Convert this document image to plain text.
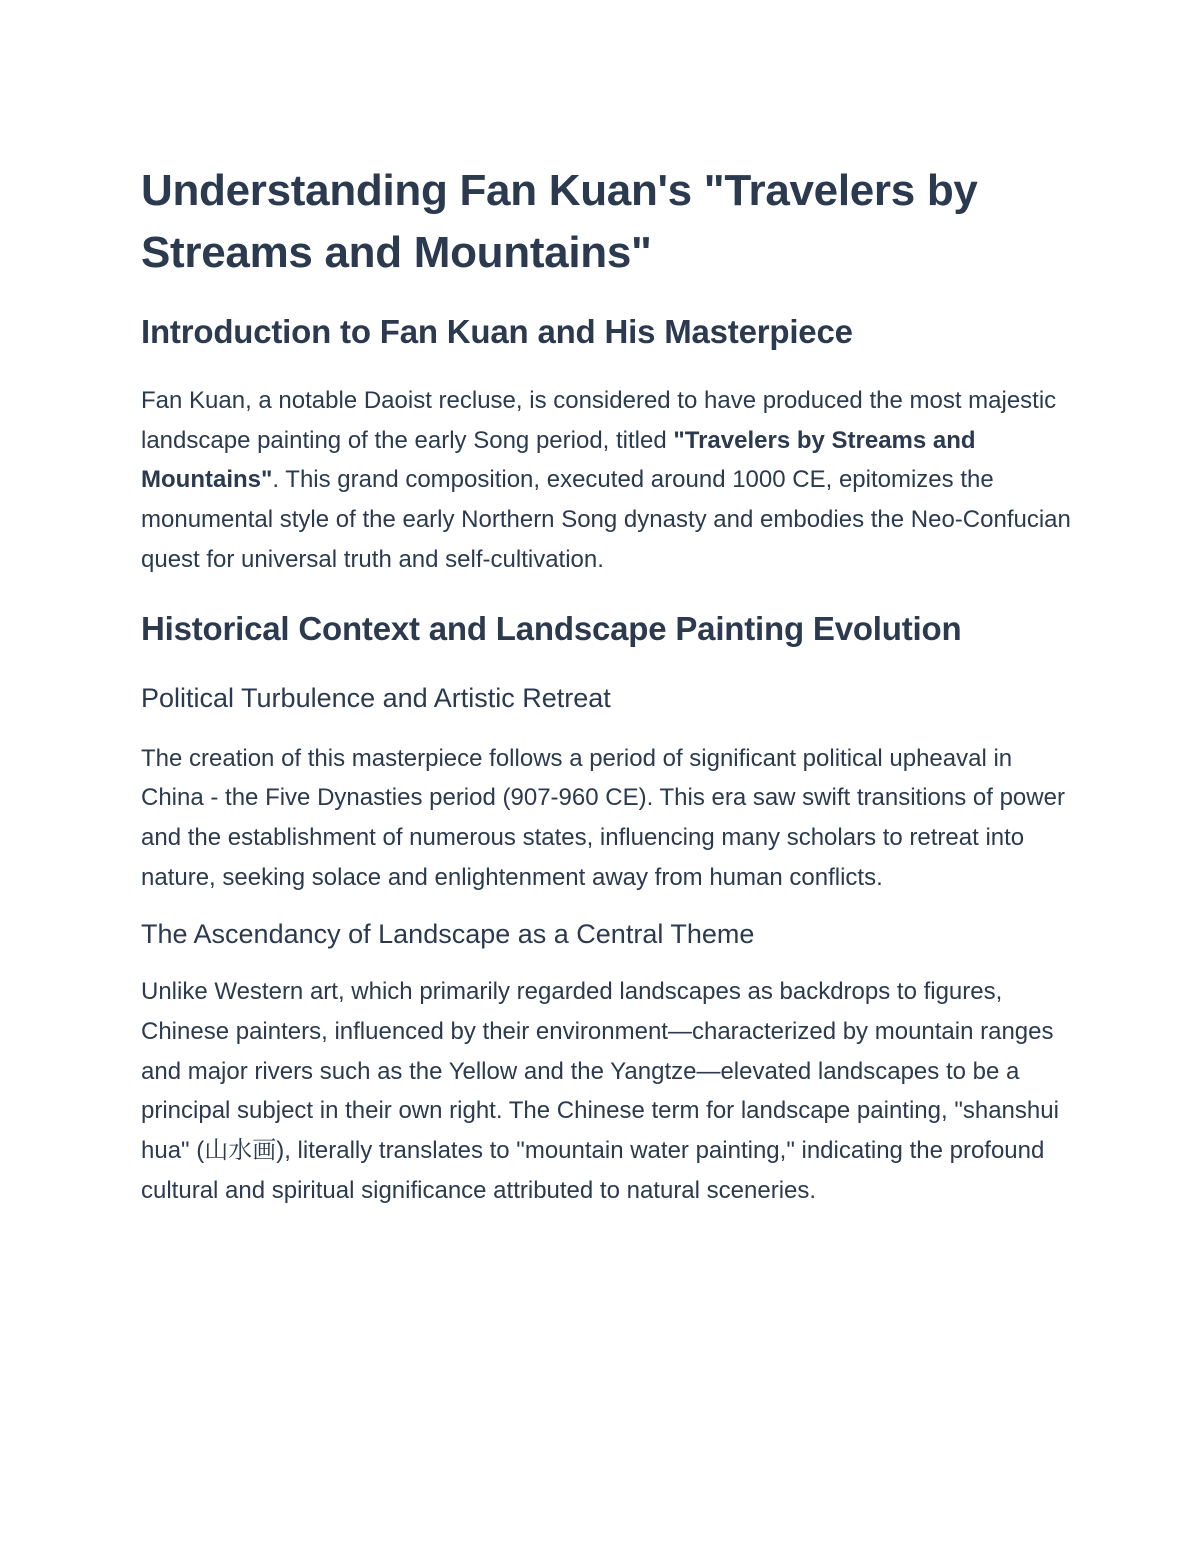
Understanding Fan Kuan's "Travelers by Streams and Mountains"
Introduction to Fan Kuan and His Masterpiece

Fan Kuan, a notable Daoist recluse, is considered to have produced the most majestic landscape painting of the early Song period, titled "Travelers by Streams and Mountains". This grand composition, executed around 1000 CE, epitomizes the monumental style of the early Northern Song dynasty and embodies the Neo-Confucian quest for universal truth and self-cultivation.

Historical Context and Landscape Painting Evolution
Political Turbulence and Artistic Retreat

The creation of this masterpiece follows a period of significant political upheaval in China - the Five Dynasties period (907-960 CE). This era saw swift transitions of power and the establishment of numerous states, influencing many scholars to retreat into nature, seeking solace and enlightenment away from human conflicts.

The Ascendancy of Landscape as a Central Theme

Unlike Western art, which primarily regarded landscapes as backdrops to figures, Chinese painters, influenced by their environment—characterized by mountain ranges and major rivers such as the Yellow and the Yangtze—elevated landscapes to be a principal subject in their own right. The Chinese term for landscape painting, "shanshui hua" (山水画), literally translates to "mountain water painting," indicating the profound cultural and spiritual significance attributed to natural sceneries.
